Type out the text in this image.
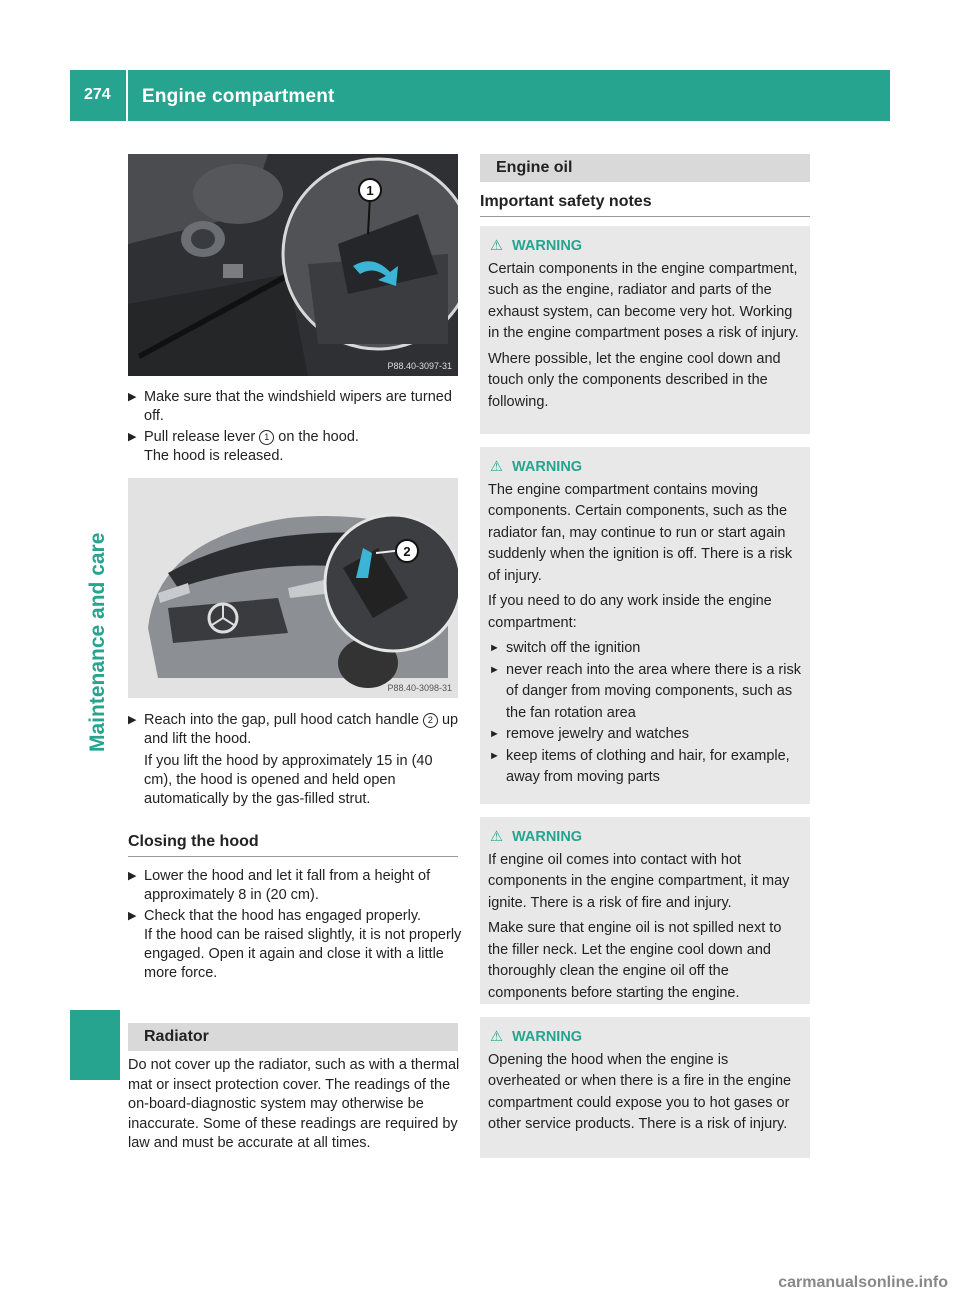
274 Engine compartment
Maintenance and care
1
P88.40-3097-31
▶ Make sure that the windshield wipers are turned off.
▶ Pull release lever 1 on the hood.
The hood is released.
2
P88.40-3098-31
▶ Reach into the gap, pull hood catch handle 2 up and lift the hood.
If you lift the hood by approximately 15 in (40 cm), the hood is opened and held open automatically by the gas-filled strut.
Closing the hood
▶ Lower the hood and let it fall from a height of approximately 8 in (20 cm).
▶ Check that the hood has engaged properly.
If the hood can be raised slightly, it is not properly engaged. Open it again and close it with a little more force.
Radiator
Do not cover up the radiator, such as with a thermal mat or insect protection cover. The readings of the on-board-diagnostic system may otherwise be inaccurate. Some of these readings are required by law and must be accurate at all times.
Engine oil
Important safety notes
⚠ WARNING

Certain components in the engine compartment, such as the engine, radiator and parts of the exhaust system, can become very hot. Working in the engine compartment poses a risk of injury.

Where possible, let the engine cool down and touch only the components described in the following.

⚠ WARNING

The engine compartment contains moving components. Certain components, such as the radiator fan, may continue to run or start again suddenly when the ignition is off. There is a risk of injury.

If you need to do any work inside the engine compartment:

► switch off the ignition
► never reach into the area where there is a risk of danger from moving components, such as the fan rotation area
► remove jewelry and watches
► keep items of clothing and hair, for example, away from moving parts
⚠ WARNING

If engine oil comes into contact with hot components in the engine compartment, it may ignite. There is a risk of fire and injury.

Make sure that engine oil is not spilled next to the filler neck. Let the engine cool down and thoroughly clean the engine oil off the components before starting the engine.

⚠ WARNING

Opening the hood when the engine is overheated or when there is a fire in the engine compartment could expose you to hot gases or other service products. There is a risk of injury.

carmanualsonline.info
